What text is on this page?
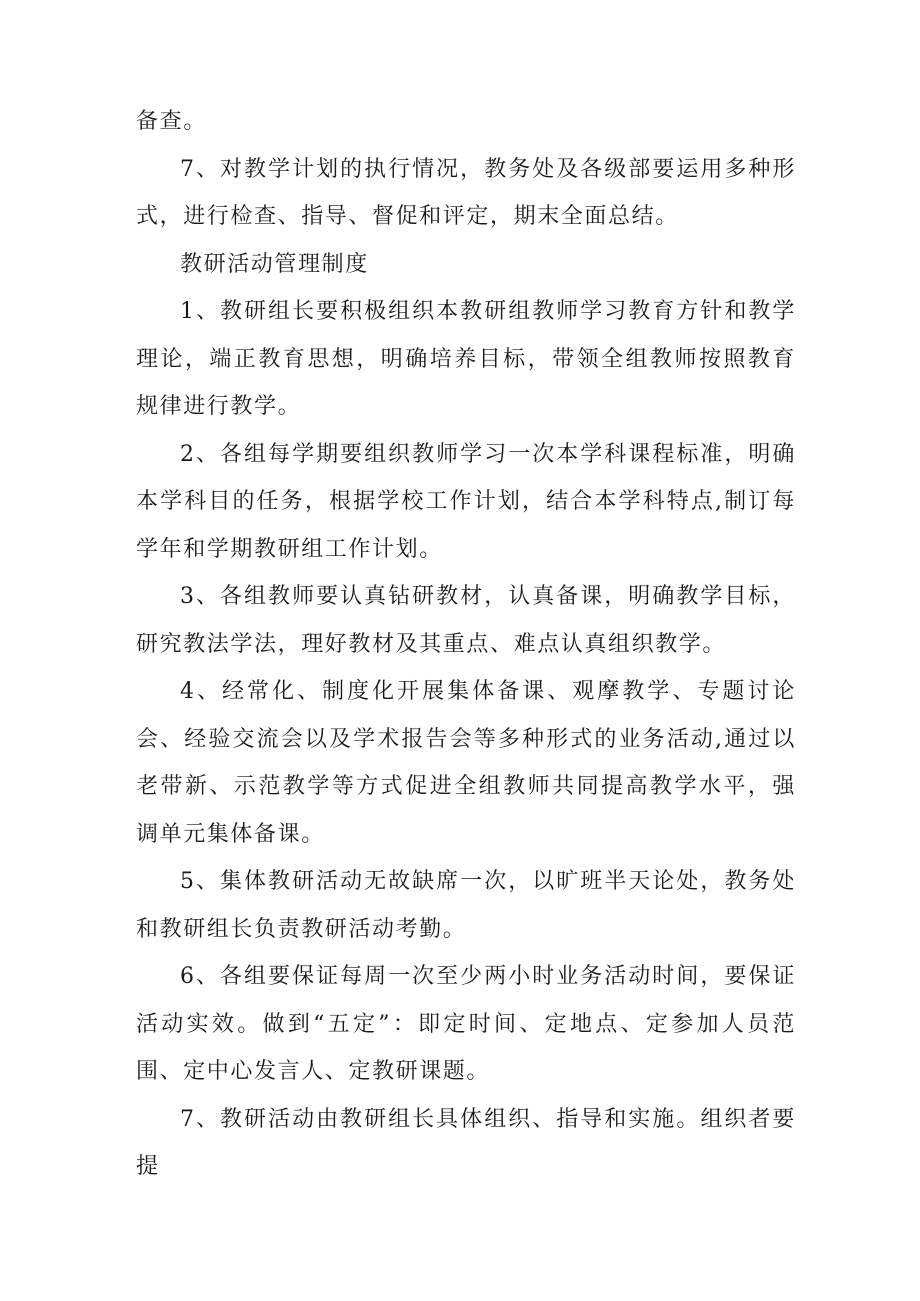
备查。

7、对教学计划的执行情况，教务处及各级部要运用多种形式，进行检查、指导、督促和评定，期末全面总结。

教研活动管理制度

1、教研组长要积极组织本教研组教师学习教育方针和教学理论，端正教育思想，明确培养目标，带领全组教师按照教育规律进行教学。

2、各组每学期要组织教师学习一次本学科课程标准，明确本学科目的任务，根据学校工作计划，结合本学科特点,制订每学年和学期教研组工作计划。

3、各组教师要认真钻研教材，认真备课，明确教学目标，研究教法学法，理好教材及其重点、难点认真组织教学。

4、经常化、制度化开展集体备课、观摩教学、专题讨论会、经验交流会以及学术报告会等多种形式的业务活动,通过以老带新、示范教学等方式促进全组教师共同提高教学水平，强调单元集体备课。

5、集体教研活动无故缺席一次，以旷班半天论处，教务处和教研组长负责教研活动考勤。

6、各组要保证每周一次至少两小时业务活动时间，要保证活动实效。做到“五定”：即定时间、定地点、定参加人员范围、定中心发言人、定教研课题。

7、教研活动由教研组长具体组织、指导和实施。组织者要提
